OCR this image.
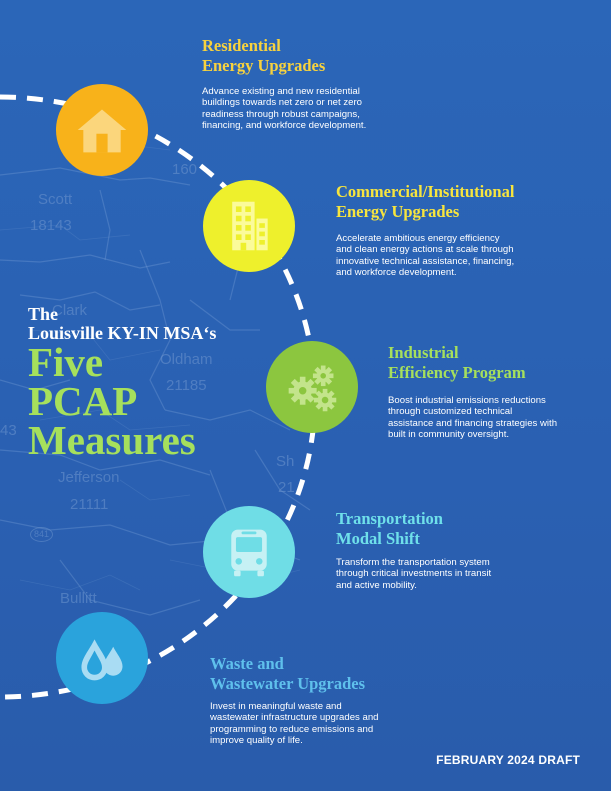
Scott
18143
160
Clark
Oldham
21185
43
Jefferson
21111
Sh
21
841
Bullitt
Residential
Energy Upgrades
Advance existing and new residential buildings towards net zero or net zero readiness through robust campaigns, financing, and workforce development.
Commercial/Institutional
Energy Upgrades
Accelerate ambitious energy efficiency and clean energy actions at scale through innovative technical assistance, financing, and workforce development.
Industrial
Efficiency Program
Boost industrial emissions reductions through customized technical assistance and financing strategies with built in community oversight.
Transportation
Modal Shift
Transform the transportation system through critical investments in transit and active mobility.
Waste and
Wastewater Upgrades
Invest in meaningful waste and wastewater infrastructure upgrades and programming to reduce emissions and improve quality of life.
The
Louisville KY-IN MSA‘s
Five
PCAP
Measures
FEBRUARY 2024 DRAFT
